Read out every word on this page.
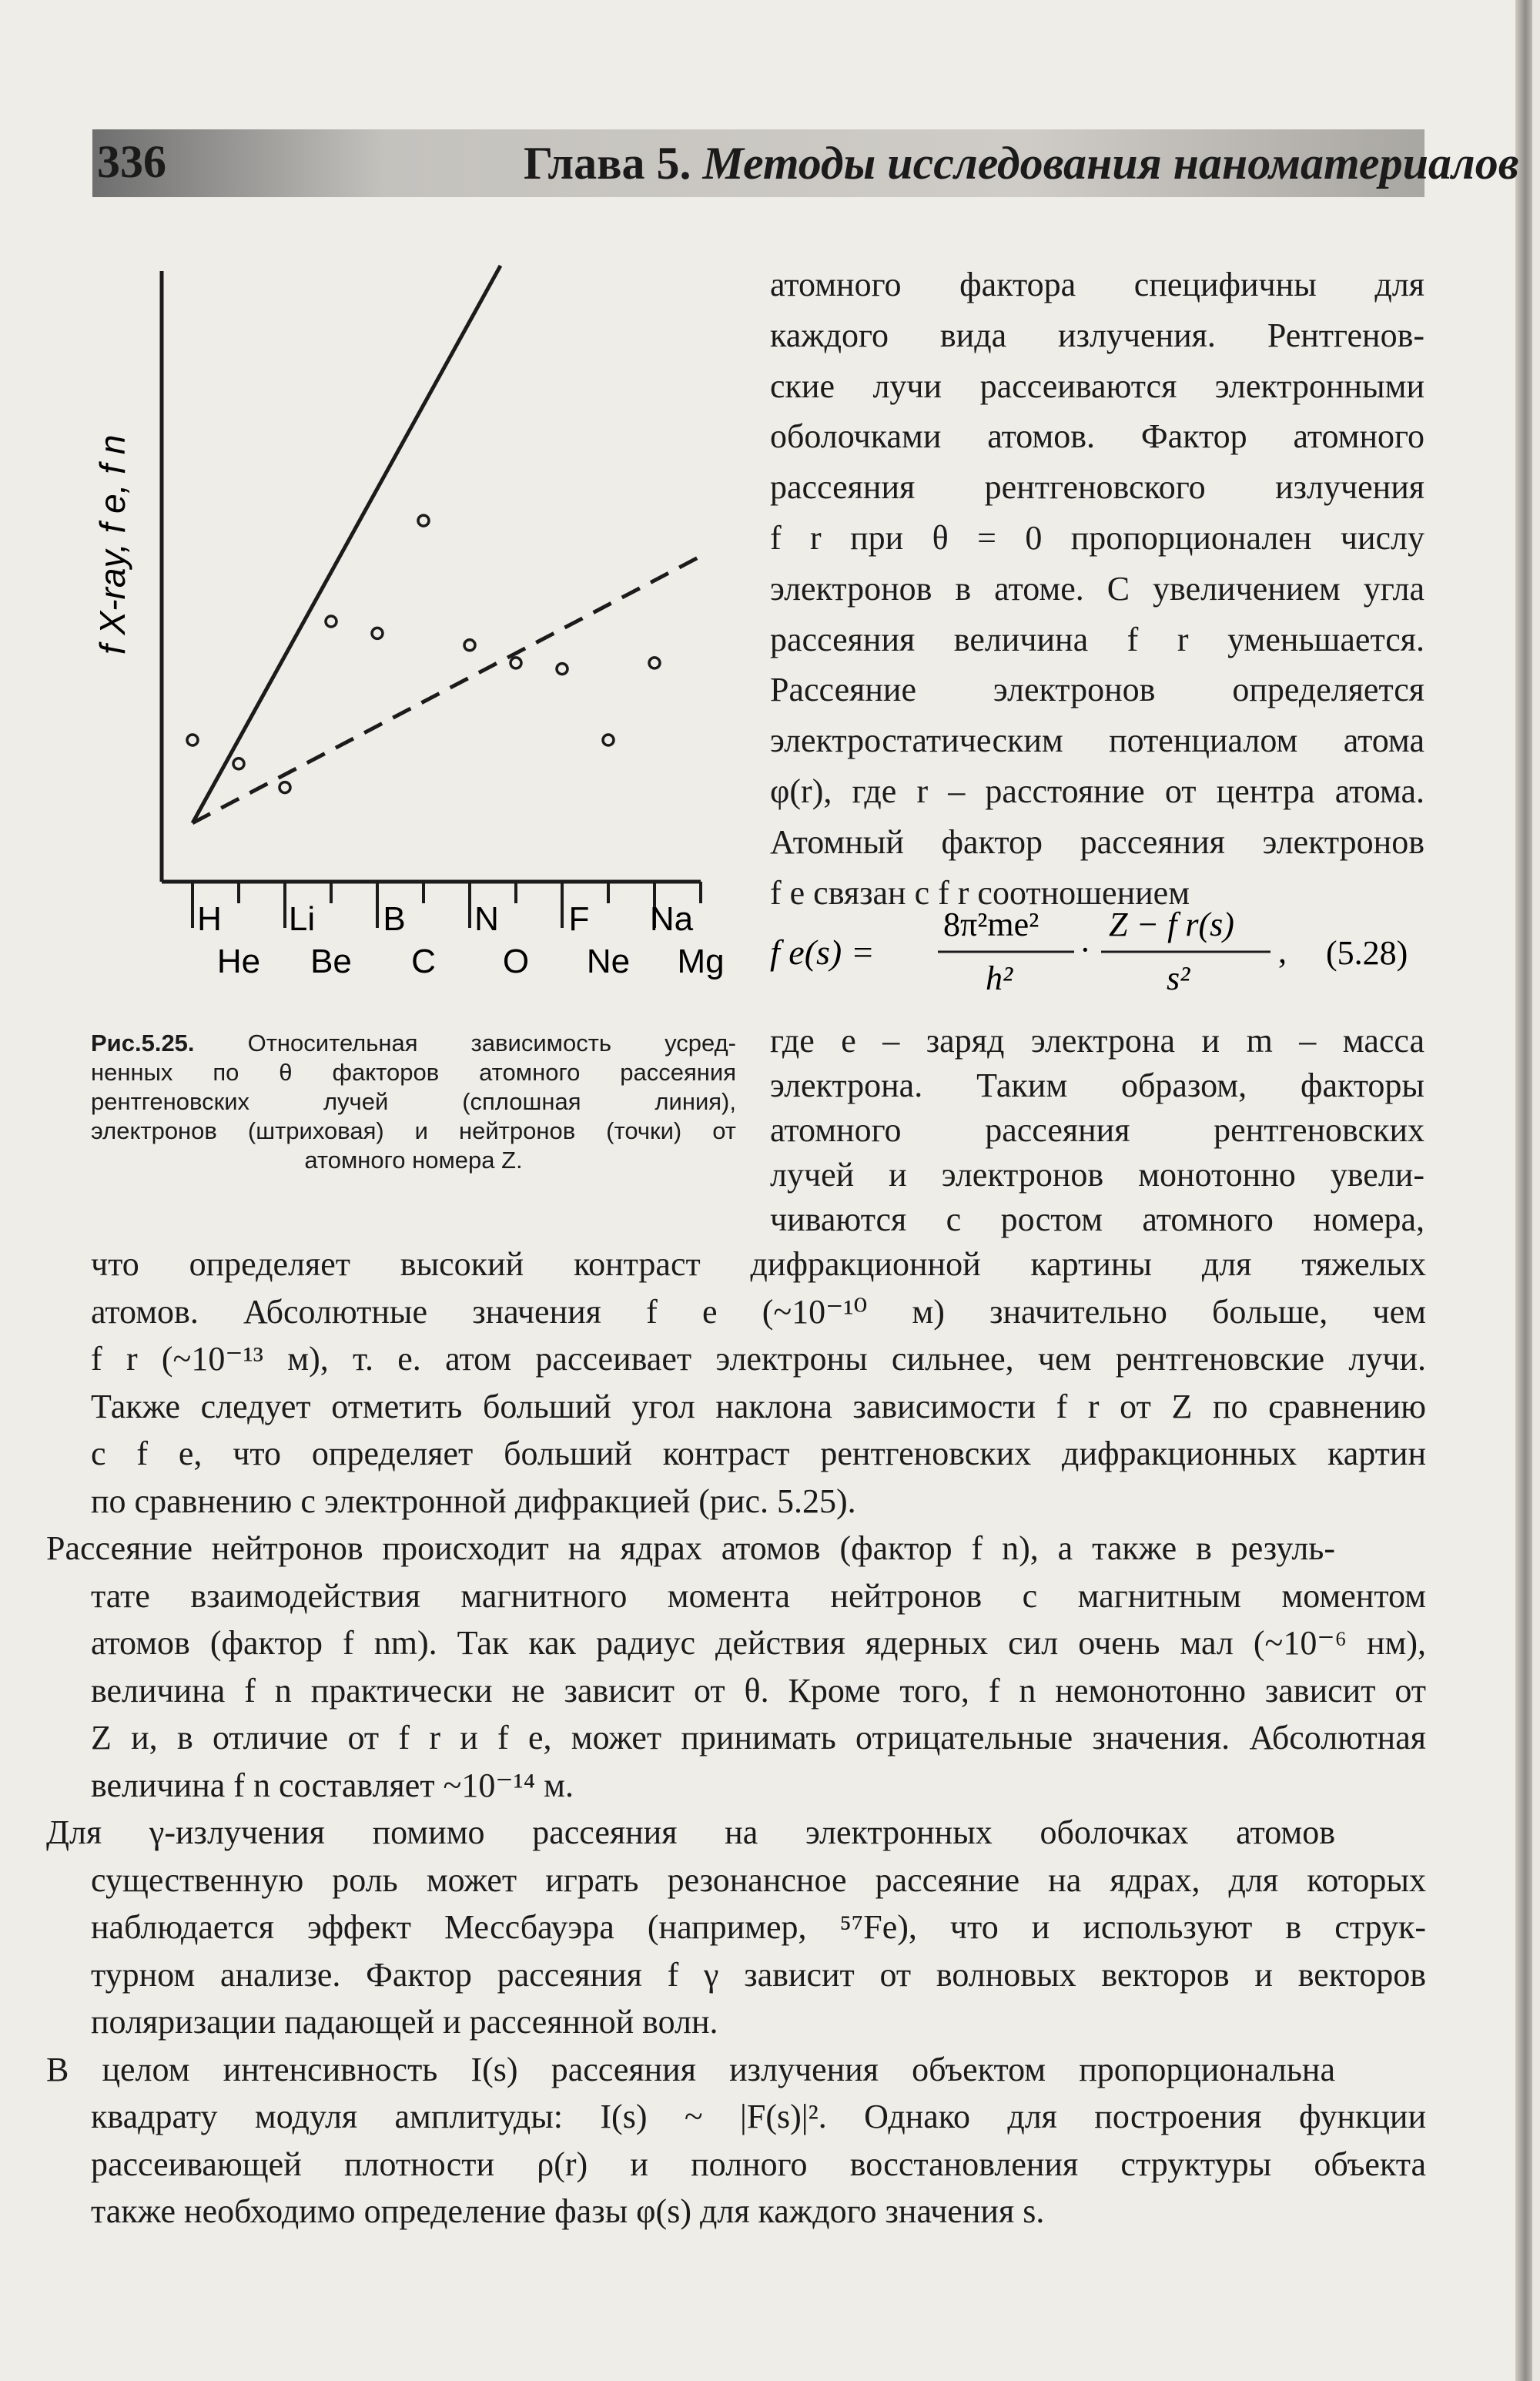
336	Глава 5. Методы исследования наноматериалов
f X-ray, f e, f n
H Li B N F Na
He Be C O Ne Mg
Рис.5.25. Относительная зависимость усред-
ненных по θ факторов атомного рассеяния
рентгеновских лучей (сплошная линия),
электронов (штриховая) и нейтронов (точки) от
атомного номера Z.
атомного фактора специфичны для
каждого вида излучения. Рентгенов-
ские лучи рассеиваются электронными
оболочками атомов. Фактор атомного
рассеяния рентгеновского излучения
f r при θ = 0 пропорционален числу
электронов в атоме. С увеличением угла
рассеяния величина f r уменьшается.
Рассеяние электронов определяется
электростатическим потенциалом атома
φ(r), где r – расстояние от центра атома.
Атомный фактор рассеяния электронов
f e связан с f r соотношением
f e(s) =
8π²me²
h²
·
Z − f r(s)
s²
, (5.28)
где e – заряд электрона и m – масса
электрона. Таким образом, факторы
атомного рассеяния рентгеновских
лучей и электронов монотонно увели-
чиваются с ростом атомного номера,
что определяет высокий контраст дифракционной картины для тяжелых
атомов. Абсолютные значения f e (~10⁻¹⁰ м) значительно больше, чем
f r (~10⁻¹³ м), т. е. атом рассеивает электроны сильнее, чем рентгеновские лучи.
Также следует отметить больший угол наклона зависимости f r от Z по сравнению
с f e, что определяет больший контраст рентгеновских дифракционных картин
по сравнению с электронной дифракцией (рис. 5.25).
Рассеяние нейтронов происходит на ядрах атомов (фактор f n), а также в резуль-
тате взаимодействия магнитного момента нейтронов с магнитным моментом
атомов (фактор f nm). Так как радиус действия ядерных сил очень мал (~10⁻⁶ нм),
величина f n практически не зависит от θ. Кроме того, f n немонотонно зависит от
Z и, в отличие от f r и f e, может принимать отрицательные значения. Абсолютная
величина f n составляет ~10⁻¹⁴ м.
Для γ-излучения помимо рассеяния на электронных оболочках атомов
существенную роль может играть резонансное рассеяние на ядрах, для которых
наблюдается эффект Мессбауэра (например, ⁵⁷Fe), что и используют в струк-
турном анализе. Фактор рассеяния f γ зависит от волновых векторов и векторов
поляризации падающей и рассеянной волн.
В целом интенсивность I(s) рассеяния излучения объектом пропорциональна
квадрату модуля амплитуды: I(s) ~ |F(s)|². Однако для построения функции
рассеивающей плотности ρ(r) и полного восстановления структуры объекта
также необходимо определение фазы φ(s) для каждого значения s.
